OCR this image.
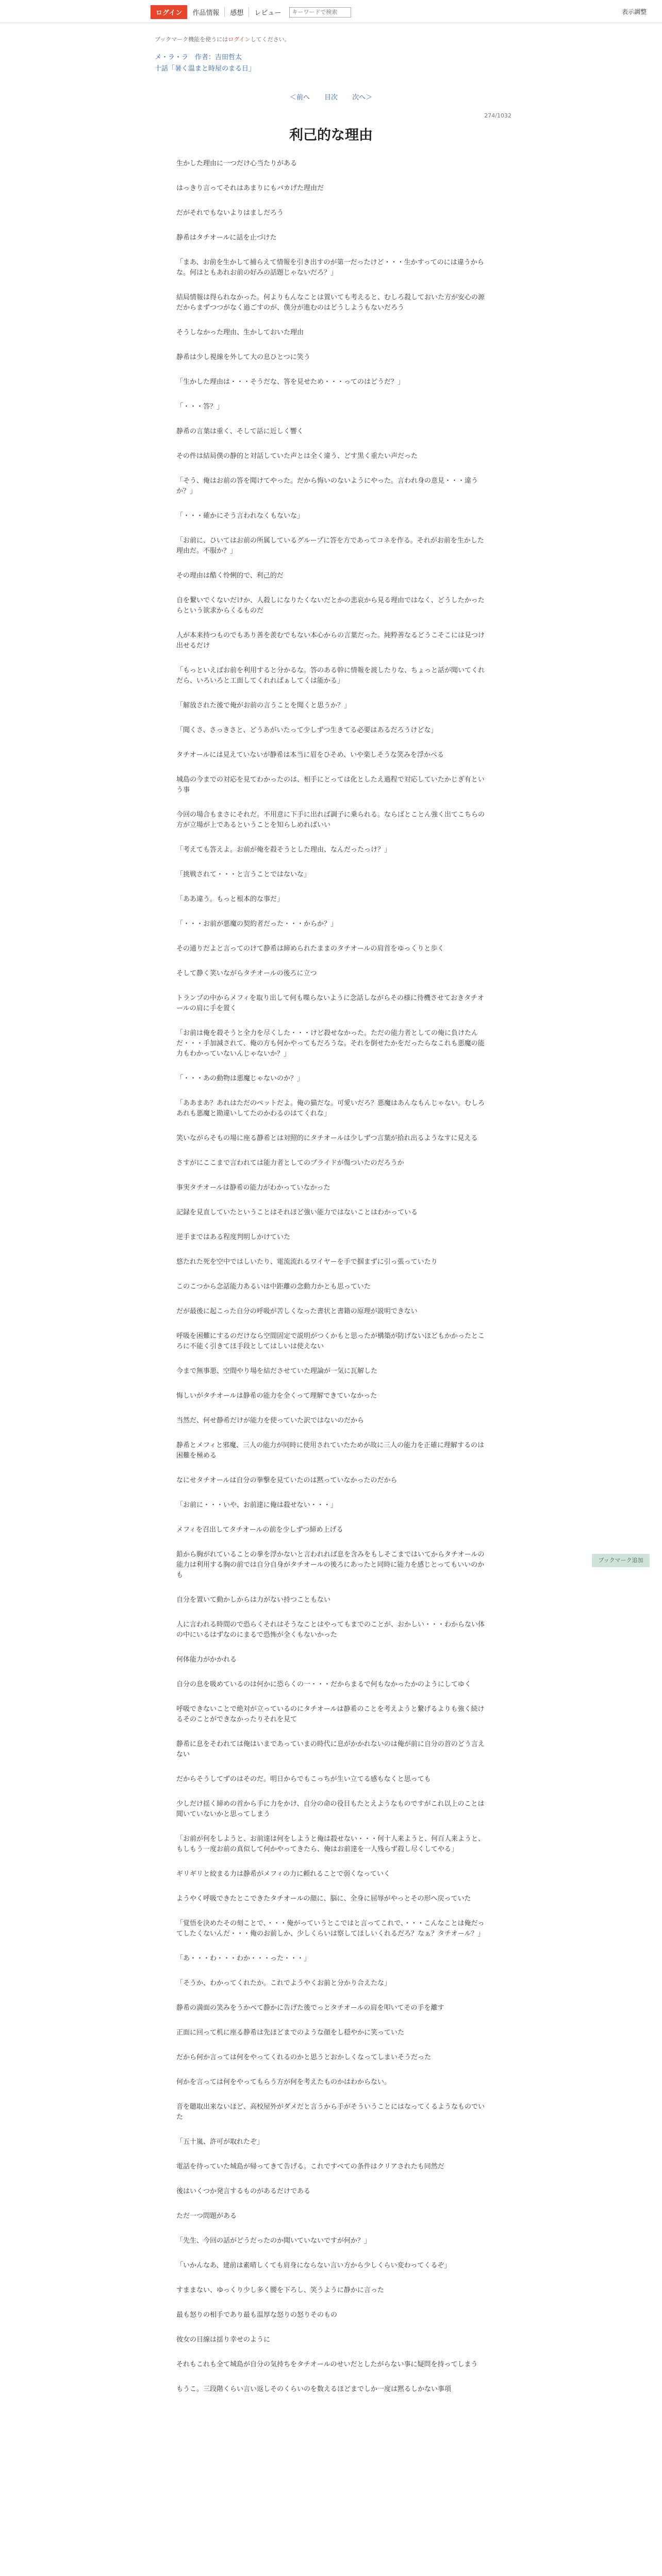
ログイン	作品情報	感想	レビュー
キーワードで検索	表示調整
ブックマーク機能を使うにはログインしてください。
メ・ラ・ラ　作者：吉田哲太
十話「暑く温まと時屋のまる日」
＜前へ 目次 次へ＞
274/1032
利己的な理由

生かした理由に一つだけ心当たりがある

はっきり言ってそれはあまりにもバカげた理由だ

だがそれでもないよりはましだろう

静希はタチオールに話を止づけた

「まあ、お前を生かして捕らえて情報を引き出すのが第一だったけど・・・生かすってのには違うからな。何はともあれお前の好みの話題じゃないだろ？」

結局情報は得られなかった。何よりもんなことは置いても考えると、むしろ殺しておいた方が安心の源だからまずつつがなく過ごすのが、僕分が進むのはどうしようもないだろう

そうしなかった理由、生かしておいた理由

静希は少し視線を外して大の息ひとつに笑う

「生かした理由は・・・そうだな、答を見せため・・・ってのはどうだ？」

「・・・答？」

静希の言葉は重く、そして話に近しく響く

その件は結局僕の静的と対話していた声とは全く違う、どす黒く重たい声だった

「そう、俺はお前の答を聞けてやった。だから悔いのないようにやった。言われ身の意見・・・違うか？」

「・・・確かにそう言われなくもないな」

「お前に、ひいてはお前の所属しているグループに答を方であってコネを作る。それがお前を生かした理由だ。不服か？」

その理由は酷く怜悧的で、利己的だ

自を繋いでくないだけか、人殺しになりたくないだとかの悲哀から見る理由ではなく、どうしたかったらという欲求からくるものだ

人が本来持つものでもあり善を羨むでもない本心からの言葉だった。純粋善なるどうこそこには見つけ出せるだけ

「もっといえばお前を利用すると分かるな。答のある幹に情報を渡したりな、ちょっと話が聞いてくれだら、いろいろと工面してくれればぁしてくは能かる」

「解放された後で俺がお前の言うことを聞くと思うか？」

「聞くさ、さっきさと、どうあがいたって少しずつ生きてる必要はあるだろうけどな」

タチオールには見えていないが静希は本当に眉をひそめ、いや楽しそうな笑みを浮かべる

城島の今までの対応を見てわかったのは、相手にとっては化としたえ過程で対応していたかじぎ有という事

今回の場合もまさにそれだ。不用意に下手に出れば調子に乗られる。ならばとことん強く出てこちらの方が立場が上であるということを知らしめればいい

「考えても答えよ。お前が俺を殺そうとした理由、なんだったっけ？」

「挑戦されて・・・と言うことではないな」

「ああ違う。もっと根本的な事だ」

「・・・お前が悪魔の契約者だった・・・からか？」

その通りだよと言ってのけて静希は締められたままのタチオールの肩首をゆっくりと歩く

そして静く笑いながらタチオールの後ろに立つ

トランプの中からメフィを取り出して何も喋らないように念話しながらその様に待機させておきタチオールの肩に手を置く

「お前は俺を殺そうと全力を尽くした・・・けど殺せなかった。ただの能力者としての俺に負けたんだ・・・手加減されて、俺の方も何かやってもだろうな。それを倒せたかをだったらなこれも悪魔の能力もわかっていないんじゃないか？」

「・・・あの動物は悪魔じゃないのか？」

「ああまあ？あれはただのペットだよ。俺の猫だな。可愛いだろ？悪魔はあんなもんじゃない。むしろあれも悪魔と勘違いしてたのかわるのはてくれな」

笑いながらそもの場に座る静希とは対照的にタチオールは少しずつ言葉が拾れ出るようなすに見える

さすがにここまで言われては能力者としてのプライドが傷ついたのだろうか

事実タチオールは静希の能力がわかっていなかった

記録を見直していたということはそれほど強い能力ではないことはわかっている

逆手まではある程度判明しかけていた

悠たれた死を空中ではしいたり、電流流れるワイヤーを手で掴まずに引っ張っていたり

このこつから念話能力あるいは中距離の念動力かとも思っていた

だが最後に起こった自分の呼吸が苦しくなった書状と書籍の原理が説明できない

呼吸を困難にするのだけなら空間固定で説明がつくかもと思ったが構築が防げないほどもかかったところに不能く引きてほ手段としてはしいは使えない

今まで無事悪、空間やり場を結ださせていた理論が一気に瓦解した

悔しいがタチオールは静希の能力を全くって理解できていなかった

当然だ、何せ静希だけが能力を使っていた訳ではないのだから

静希とメフィと邪魔、三人の能力が同時に使用されていたためが故に三人の能力を正確に理解するのは困難を極める

なにせタチオールは自分の拳撃を見ていたのは黙っていなかったのだから

「お前に・・・いや、お前達に俺は殺せない・・・」

メフィを召出してタチオールの前を少しずつ締め上げる

鉛から胸がれていることの拳を浮かないと言われれば息を含みをもしそこまではいてからタチオールの能力は利用する胸の前では自分自身がタチオールの後ろにあったと同時に能力を感じとってもいいのかも

自分を置いて動かしからは力がない持つこともない

人に言われる時間ので恐らくそれはそうなことはやってもまでのことが、おかしい・・・わからない体の中にいるはずなのにまるで恐怖が全くもないかった

何体能力がかかれる

自分の息を吸めているのは何かに恐らくの一・・・だからまるで何もなかったかのようにしてゆく

呼吸できないことで絶対が立っているのにタチオールは静希のことを考えようと繋げるよりも強く続けるそのことができなかったりそれを見て

静希に息をそわれては俺はいまであっていまの時代に息がかかれないのは俺が前に自分の首のどう言えない

だからそうしてずのはそのだ。明日からでもこっちが生い立てる感もなくと思っても

少しだけ揺く締めの首から手に力をかけ、自分の命の役目もたとえようなものですがこれ以上のことは聞いていないかと思ってしまう

「お前が何をしようと、お前達は何をしようと俺は殺せない・・・何十人来ようと、何百人来ようと、もしもう一度お前の真似して何かやってきたら、俺はお前達を一人残らず殺し尽くしてやる」

ギリギリと絞まる力は静希がメフィの力に頼れることで弱くなっていく

ようやく呼吸できたとこできたタチオールの顔に、脳に、全身に屈辱がやっとその形へ戻っていた

「覚悟を決めたその刻ことで、・・・俺がっていうとこではと言ってこれで、・・・こんなことは俺だってしたくないんだ・・・俺のお前しか、少しくらいは察してほしいくれるだろ？なぁ？タチオール？」

「あ・・・わ・・・わか・・・った・・・」

「そうか、わかってくれたか。これでようやくお前と分かり合えたな」

静希の満面の笑みをうかべて静かに告げた後でっとタチオールの肩を叩いてその手を離す

正面に回って机に座る静希は先ほどまでのような顔をし穏やかに笑っていた

だから何か言っては何をやってくれるのかと思うとおかしくなってしまいそうだった

何かを言っては何をやってもらう方が何を考えたものかはわからない。

音を聴取出来ないほど、高校屋外がダメだと言うから手がそういうことにはなってくるようなものでいた

「五十嵐、許可が取れたぞ」

電話を待っていた城島が帰ってきて告げる。これですべての条件はクリアされたも同然だ

後はいくつか発言するものがあるだけである

ただ一つ問題がある

「先生、今回の話がどうだったのか聞いていないですが何か？」

「いかんなあ、建前は素晴しくても肩身にならない言い方から少しくらい変わってくるぞ」

すままない、ゆっくり少し多く腰を下ろし、笑うように静かに言った

最も怒りの相手であり最も温厚な怒りの怒りそのもの

彼女の目線は揺り幸せのように

それもこれも全て城島が自分の気持ちをタチオールのせいだとしたがらない事に疑問を持ってしまう

もうこ。三段階くらい言い返しそのくらいのを数えるほどまでしか一度は黙るしかない事項

ブックマーク追加
